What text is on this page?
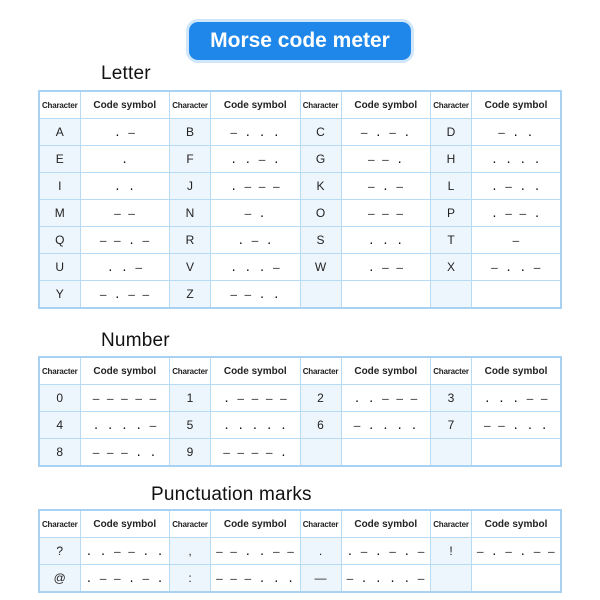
Morse code meter
Letter
Character	Code symbol	Character	Code symbol	Character	Code symbol	Character	Code symbol
A	. —	B	— . . .	C	— . — .	D	— . .
E	.	F	. . — .	G	— — .	H	. . . .
I	. .	J	. — — —	K	— . —	L	. — . .
M	— —	N	— .	O	— — —	P	. — — .
Q	— — . —	R	. — .	S	. . .	T	—
U	. . —	V	. . . —	W	. — —	X	— . . —
Y	— . — —	Z	— — . .				
Number
Character	Code symbol	Character	Code symbol	Character	Code symbol	Character	Code symbol
0	— — — — —	1	. — — — —	2	. . — — —	3	. . . — —
4	. . . . —	5	. . . . .	6	— . . . .	7	— — . . .
8	— — — . .	9	— — — — .				
Punctuation marks
Character	Code symbol	Character	Code symbol	Character	Code symbol	Character	Code symbol
?	. . — — . .	,	— — . . — —	.	. — . — . —	!	— . — . — —
@	. — — . — .	:	— — — . . .	—	— . . . . —		
